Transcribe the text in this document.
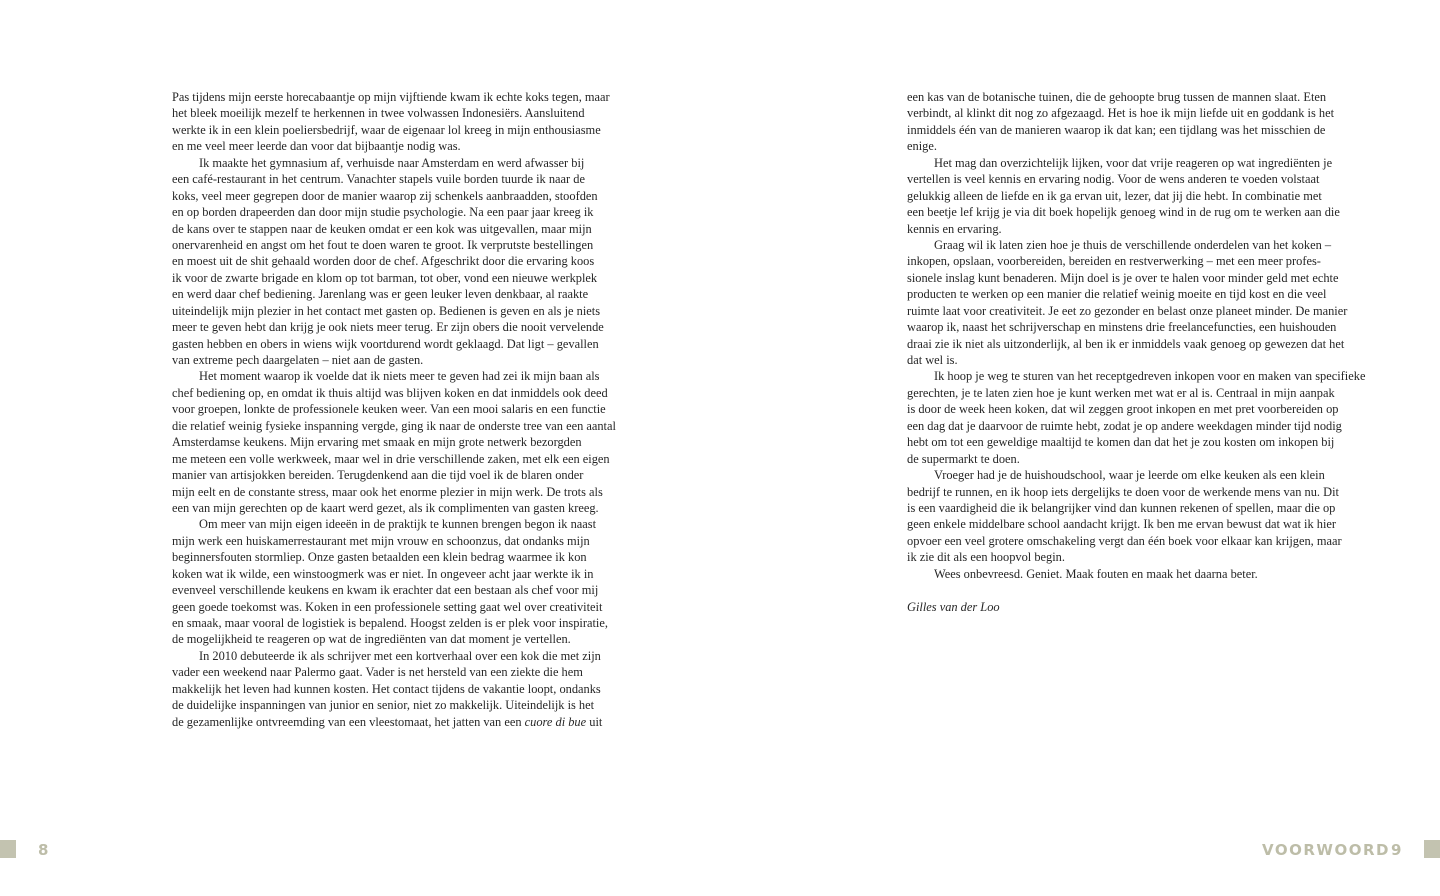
Pas tijdens mijn eerste horecabaantje op mijn vijftiende kwam ik echte koks tegen, maar
het bleek moeilijk mezelf te herkennen in twee volwassen Indonesiërs. Aansluitend
werkte ik in een klein poeliersbedrijf, waar de eigenaar lol kreeg in mijn enthousiasme
en me veel meer leerde dan voor dat bijbaantje nodig was.
Ik maakte het gymnasium af, verhuisde naar Amsterdam en werd afwasser bij
een café-restaurant in het centrum. Vanachter stapels vuile borden tuurde ik naar de
koks, veel meer gegrepen door de manier waarop zij schenkels aanbraadden, stoofden
en op borden drapeerden dan door mijn studie psychologie. Na een paar jaar kreeg ik
de kans over te stappen naar de keuken omdat er een kok was uitgevallen, maar mijn
onervarenheid en angst om het fout te doen waren te groot. Ik verprutste bestellingen
en moest uit de shit gehaald worden door de chef. Afgeschrikt door die ervaring koos
ik voor de zwarte brigade en klom op tot barman, tot ober, vond een nieuwe werkplek
en werd daar chef bediening. Jarenlang was er geen leuker leven denkbaar, al raakte
uiteindelijk mijn plezier in het contact met gasten op. Bedienen is geven en als je niets
meer te geven hebt dan krijg je ook niets meer terug. Er zijn obers die nooit vervelende
gasten hebben en obers in wiens wijk voortdurend wordt geklaagd. Dat ligt – gevallen
van extreme pech daargelaten – niet aan de gasten.
Het moment waarop ik voelde dat ik niets meer te geven had zei ik mijn baan als
chef bediening op, en omdat ik thuis altijd was blijven koken en dat inmiddels ook deed
voor groepen, lonkte de professionele keuken weer. Van een mooi salaris en een functie
die relatief weinig fysieke inspanning vergde, ging ik naar de onderste tree van een aantal
Amsterdamse keukens. Mijn ervaring met smaak en mijn grote netwerk bezorgden
me meteen een volle werkweek, maar wel in drie verschillende zaken, met elk een eigen
manier van artisjokken bereiden. Terugdenkend aan die tijd voel ik de blaren onder
mijn eelt en de constante stress, maar ook het enorme plezier in mijn werk. De trots als
een van mijn gerechten op de kaart werd gezet, als ik complimenten van gasten kreeg.
Om meer van mijn eigen ideeën in de praktijk te kunnen brengen begon ik naast
mijn werk een huiskamerrestaurant met mijn vrouw en schoonzus, dat ondanks mijn
beginnersfouten stormliep. Onze gasten betaalden een klein bedrag waarmee ik kon
koken wat ik wilde, een winstoogmerk was er niet. In ongeveer acht jaar werkte ik in
evenveel verschillende keukens en kwam ik erachter dat een bestaan als chef voor mij
geen goede toekomst was. Koken in een professionele setting gaat wel over creativiteit
en smaak, maar vooral de logistiek is bepalend. Hoogst zelden is er plek voor inspiratie,
de mogelijkheid te reageren op wat de ingrediënten van dat moment je vertellen.
In 2010 debuteerde ik als schrijver met een kortverhaal over een kok die met zijn
vader een weekend naar Palermo gaat. Vader is net hersteld van een ziekte die hem
makkelijk het leven had kunnen kosten. Het contact tijdens de vakantie loopt, ondanks
de duidelijke inspanningen van junior en senior, niet zo makkelijk. Uiteindelijk is het
de gezamenlijke ontvreemding van een vleestomaat, het jatten van een cuore di bue uit
een kas van de botanische tuinen, die de gehoopte brug tussen de mannen slaat. Eten
verbindt, al klinkt dit nog zo afgezaagd. Het is hoe ik mijn liefde uit en goddank is het
inmiddels één van de manieren waarop ik dat kan; een tijdlang was het misschien de
enige.
Het mag dan overzichtelijk lijken, voor dat vrije reageren op wat ingrediënten je
vertellen is veel kennis en ervaring nodig. Voor de wens anderen te voeden volstaat
gelukkig alleen de liefde en ik ga ervan uit, lezer, dat jij die hebt. In combinatie met
een beetje lef krijg je via dit boek hopelijk genoeg wind in de rug om te werken aan die
kennis en ervaring.
Graag wil ik laten zien hoe je thuis de verschillende onderdelen van het koken –
inkopen, opslaan, voorbereiden, bereiden en restverwerking – met een meer profes-
sionele inslag kunt benaderen. Mijn doel is je over te halen voor minder geld met echte
producten te werken op een manier die relatief weinig moeite en tijd kost en die veel
ruimte laat voor creativiteit. Je eet zo gezonder en belast onze planeet minder. De manier
waarop ik, naast het schrijverschap en minstens drie freelancefuncties, een huishouden
draai zie ik niet als uitzonderlijk, al ben ik er inmiddels vaak genoeg op gewezen dat het
dat wel is.
Ik hoop je weg te sturen van het receptgedreven inkopen voor en maken van specifieke
gerechten, je te laten zien hoe je kunt werken met wat er al is. Centraal in mijn aanpak
is door de week heen koken, dat wil zeggen groot inkopen en met pret voorbereiden op
een dag dat je daarvoor de ruimte hebt, zodat je op andere weekdagen minder tijd nodig
hebt om tot een geweldige maaltijd te komen dan dat het je zou kosten om inkopen bij
de supermarkt te doen.
Vroeger had je de huishoudschool, waar je leerde om elke keuken als een klein
bedrijf te runnen, en ik hoop iets dergelijks te doen voor de werkende mens van nu. Dit
is een vaardigheid die ik belangrijker vind dan kunnen rekenen of spellen, maar die op
geen enkele middelbare school aandacht krijgt. Ik ben me ervan bewust dat wat ik hier
opvoer een veel grotere omschakeling vergt dan één boek voor elkaar kan krijgen, maar
ik zie dit als een hoopvol begin.
Wees onbevreesd. Geniet. Maak fouten en maak het daarna beter.
Gilles van der Loo
8	VOORWOORD 9
